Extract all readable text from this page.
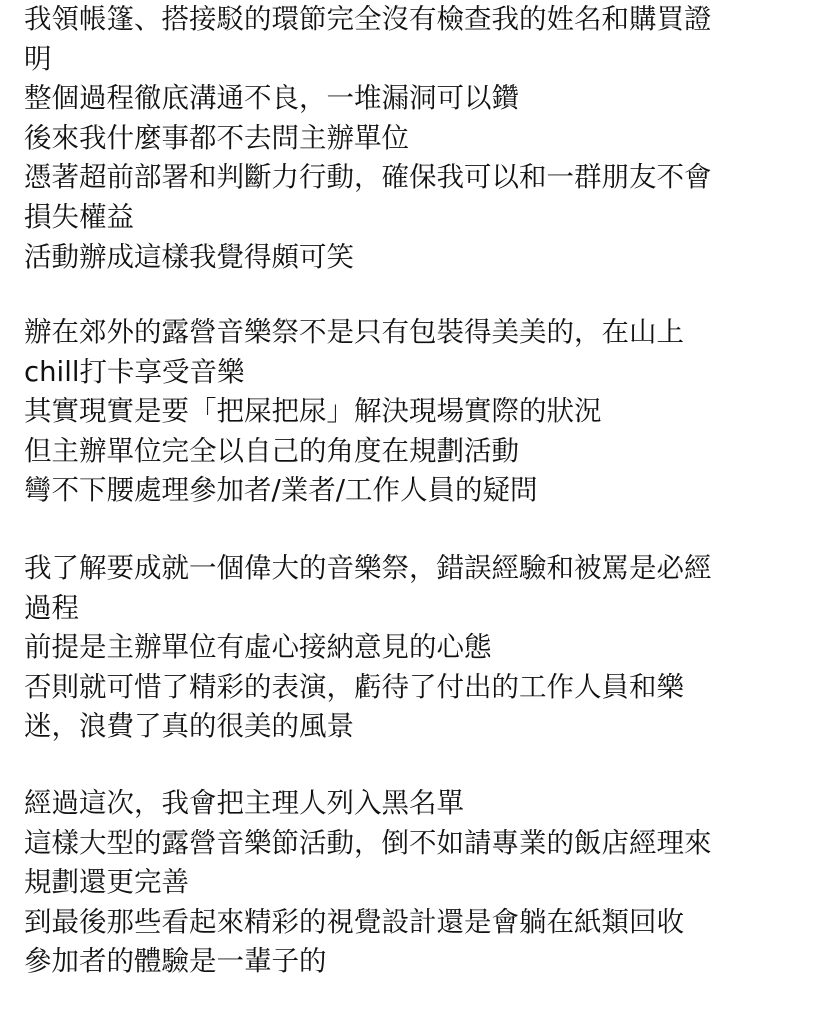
我領帳篷、搭接駁的環節完全沒有檢查我的姓名和購買證
明
整個過程徹底溝通不良，一堆漏洞可以鑽
後來我什麼事都不去問主辦單位
憑著超前部署和判斷力行動，確保我可以和一群朋友不會
損失權益
活動辦成這樣我覺得頗可笑
辦在郊外的露營音樂祭不是只有包裝得美美的，在山上
chill打卡享受音樂
其實現實是要「把屎把尿」解決現場實際的狀況
但主辦單位完全以自己的角度在規劃活動
彎不下腰處理參加者/業者/工作人員的疑問
我了解要成就一個偉大的音樂祭，錯誤經驗和被罵是必經
過程
前提是主辦單位有虛心接納意見的心態
否則就可惜了精彩的表演，虧待了付出的工作人員和樂
迷，浪費了真的很美的風景
經過這次，我會把主理人列入黑名單
這樣大型的露營音樂節活動，倒不如請專業的飯店經理來
規劃還更完善
到最後那些看起來精彩的視覺設計還是會躺在紙類回收
參加者的體驗是一輩子的
